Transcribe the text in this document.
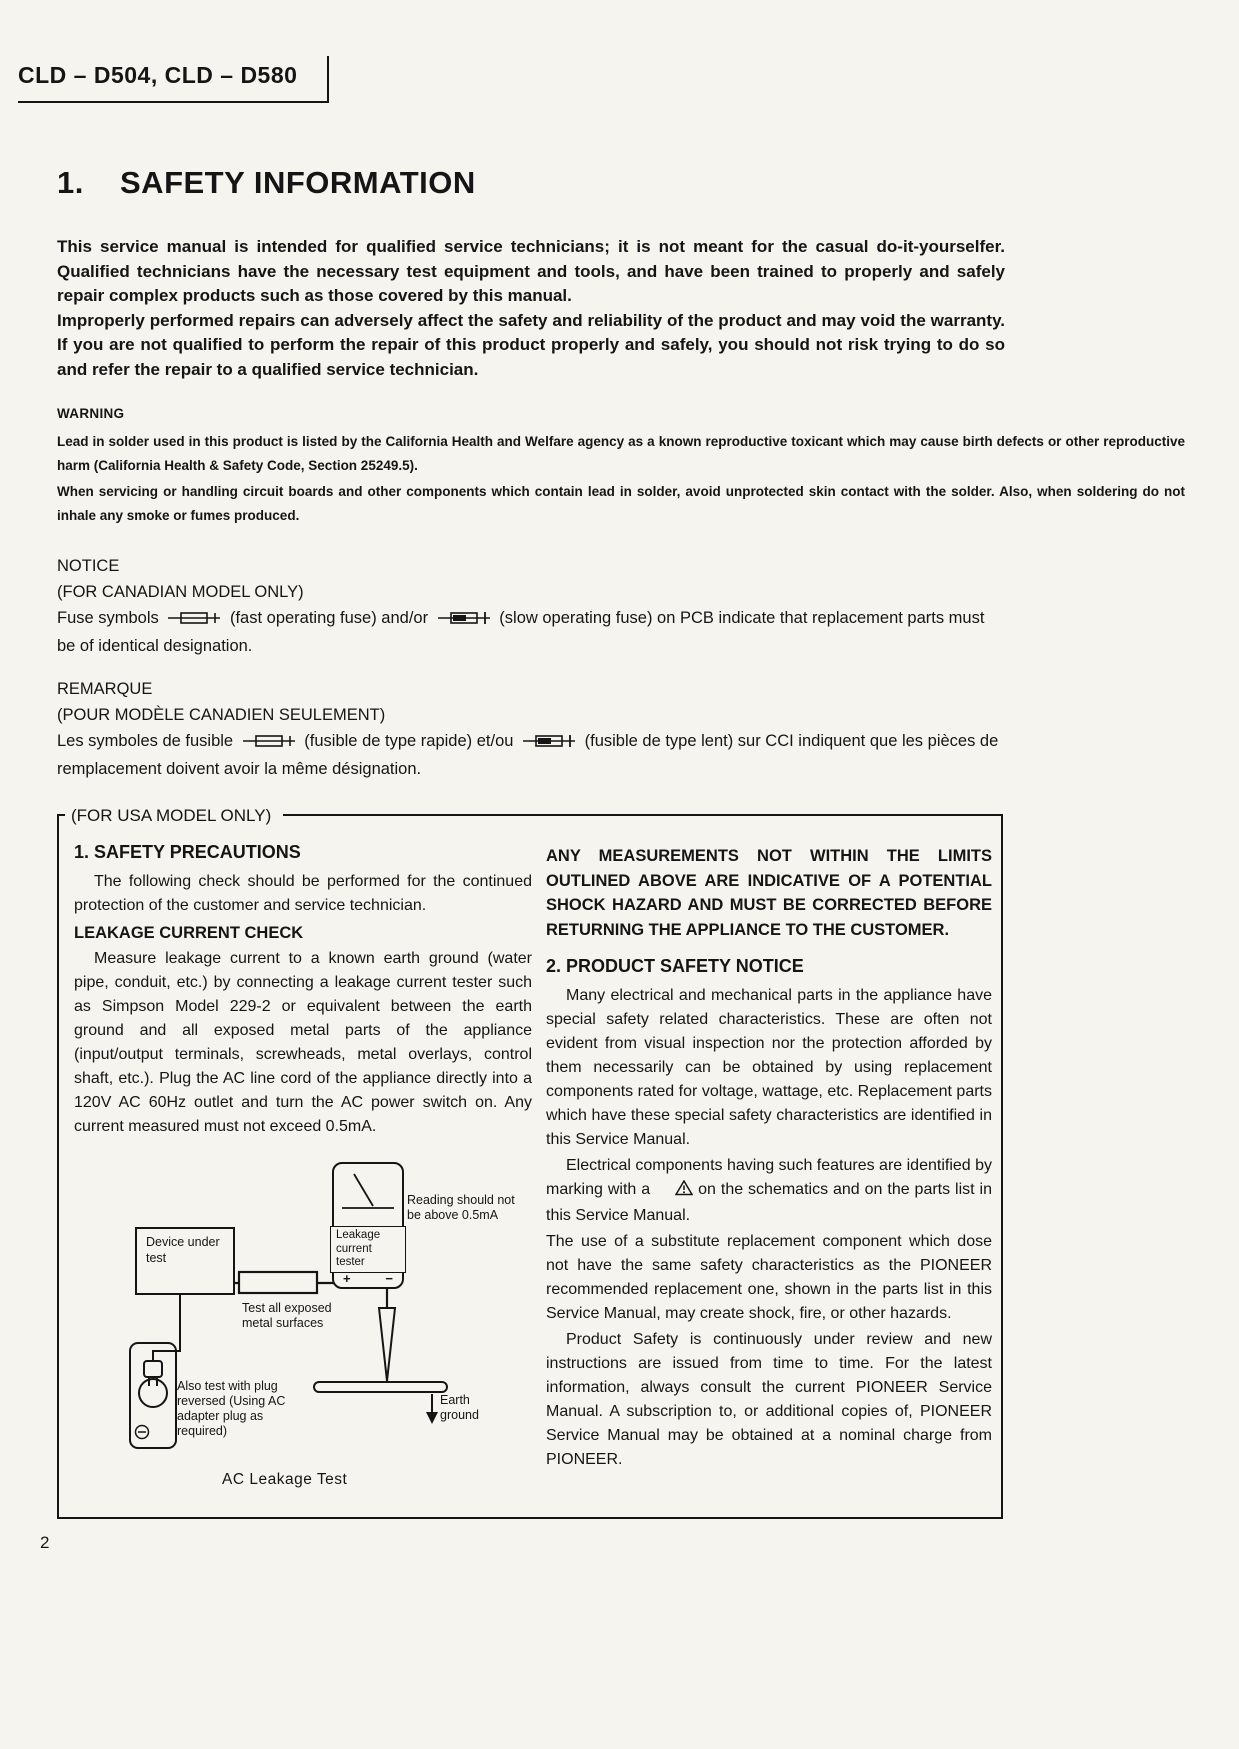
CLD – D504, CLD – D580
1. SAFETY INFORMATION

This service manual is intended for qualified service technicians; it is not meant for the casual do-it-yourselfer. Qualified technicians have the necessary test equipment and tools, and have been trained to properly and safely repair complex products such as those covered by this manual.

Improperly performed repairs can adversely affect the safety and reliability of the product and may void the warranty. If you are not qualified to perform the repair of this product properly and safely, you should not risk trying to do so and refer the repair to a qualified service technician.

WARNING

Lead in solder used in this product is listed by the California Health and Welfare agency as a known reproductive toxicant which may cause birth defects or other reproductive harm (California Health & Safety Code, Section 25249.5).

When servicing or handling circuit boards and other components which contain lead in solder, avoid unprotected skin contact with the solder. Also, when soldering do not inhale any smoke or fumes produced.

NOTICE
(FOR CANADIAN MODEL ONLY)

Fuse symbols	(fast operating fuse) and/or	(slow operating fuse) on PCB indicate that replacement parts must be of identical designation.

REMARQUE
(POUR MODÈLE CANADIEN SEULEMENT)

Les symboles de fusible	(fusible de type rapide) et/ou	(fusible de type lent) sur CCI indiquent que les pièces de remplacement doivent avoir la même désignation.

(FOR USA MODEL ONLY)
1. SAFETY PRECAUTIONS

The following check should be performed for the continued protection of the customer and service technician.

LEAKAGE CURRENT CHECK

Measure leakage current to a known earth ground (water pipe, conduit, etc.) by connecting a leakage current tester such as Simpson Model 229-2 or equivalent between the earth ground and all exposed metal parts of the appliance (input/output terminals, screwheads, metal overlays, control shaft, etc.). Plug the AC line cord of the appliance directly into a 120V AC 60Hz outlet and turn the AC power switch on. Any current measured must not exceed 0.5mA.

Device under test
Leakage current tester
+	−
Reading should not be above 0.5mA
Test all exposed metal surfaces
Also test with plug reversed (Using AC adapter plug as required)
Earth ground
AC Leakage Test

ANY MEASUREMENTS NOT WITHIN THE LIMITS OUTLINED ABOVE ARE INDICATIVE OF A POTENTIAL SHOCK HAZARD AND MUST BE CORRECTED BEFORE RETURNING THE APPLIANCE TO THE CUSTOMER.

2. PRODUCT SAFETY NOTICE

Many electrical and mechanical parts in the appliance have special safety related characteristics. These are often not evident from visual inspection nor the protection afforded by them necessarily can be obtained by using replacement components rated for voltage, wattage, etc. Replacement parts which have these special safety characteristics are identified in this Service Manual.

Electrical components having such features are identified by marking with a	on the schematics and on the parts list in this Service Manual.

The use of a substitute replacement component which dose not have the same safety characteristics as the PIONEER recommended replacement one, shown in the parts list in this Service Manual, may create shock, fire, or other hazards.

Product Safety is continuously under review and new instructions are issued from time to time. For the latest information, always consult the current PIONEER Service Manual. A subscription to, or additional copies of, PIONEER Service Manual may be obtained at a nominal charge from PIONEER.

2
